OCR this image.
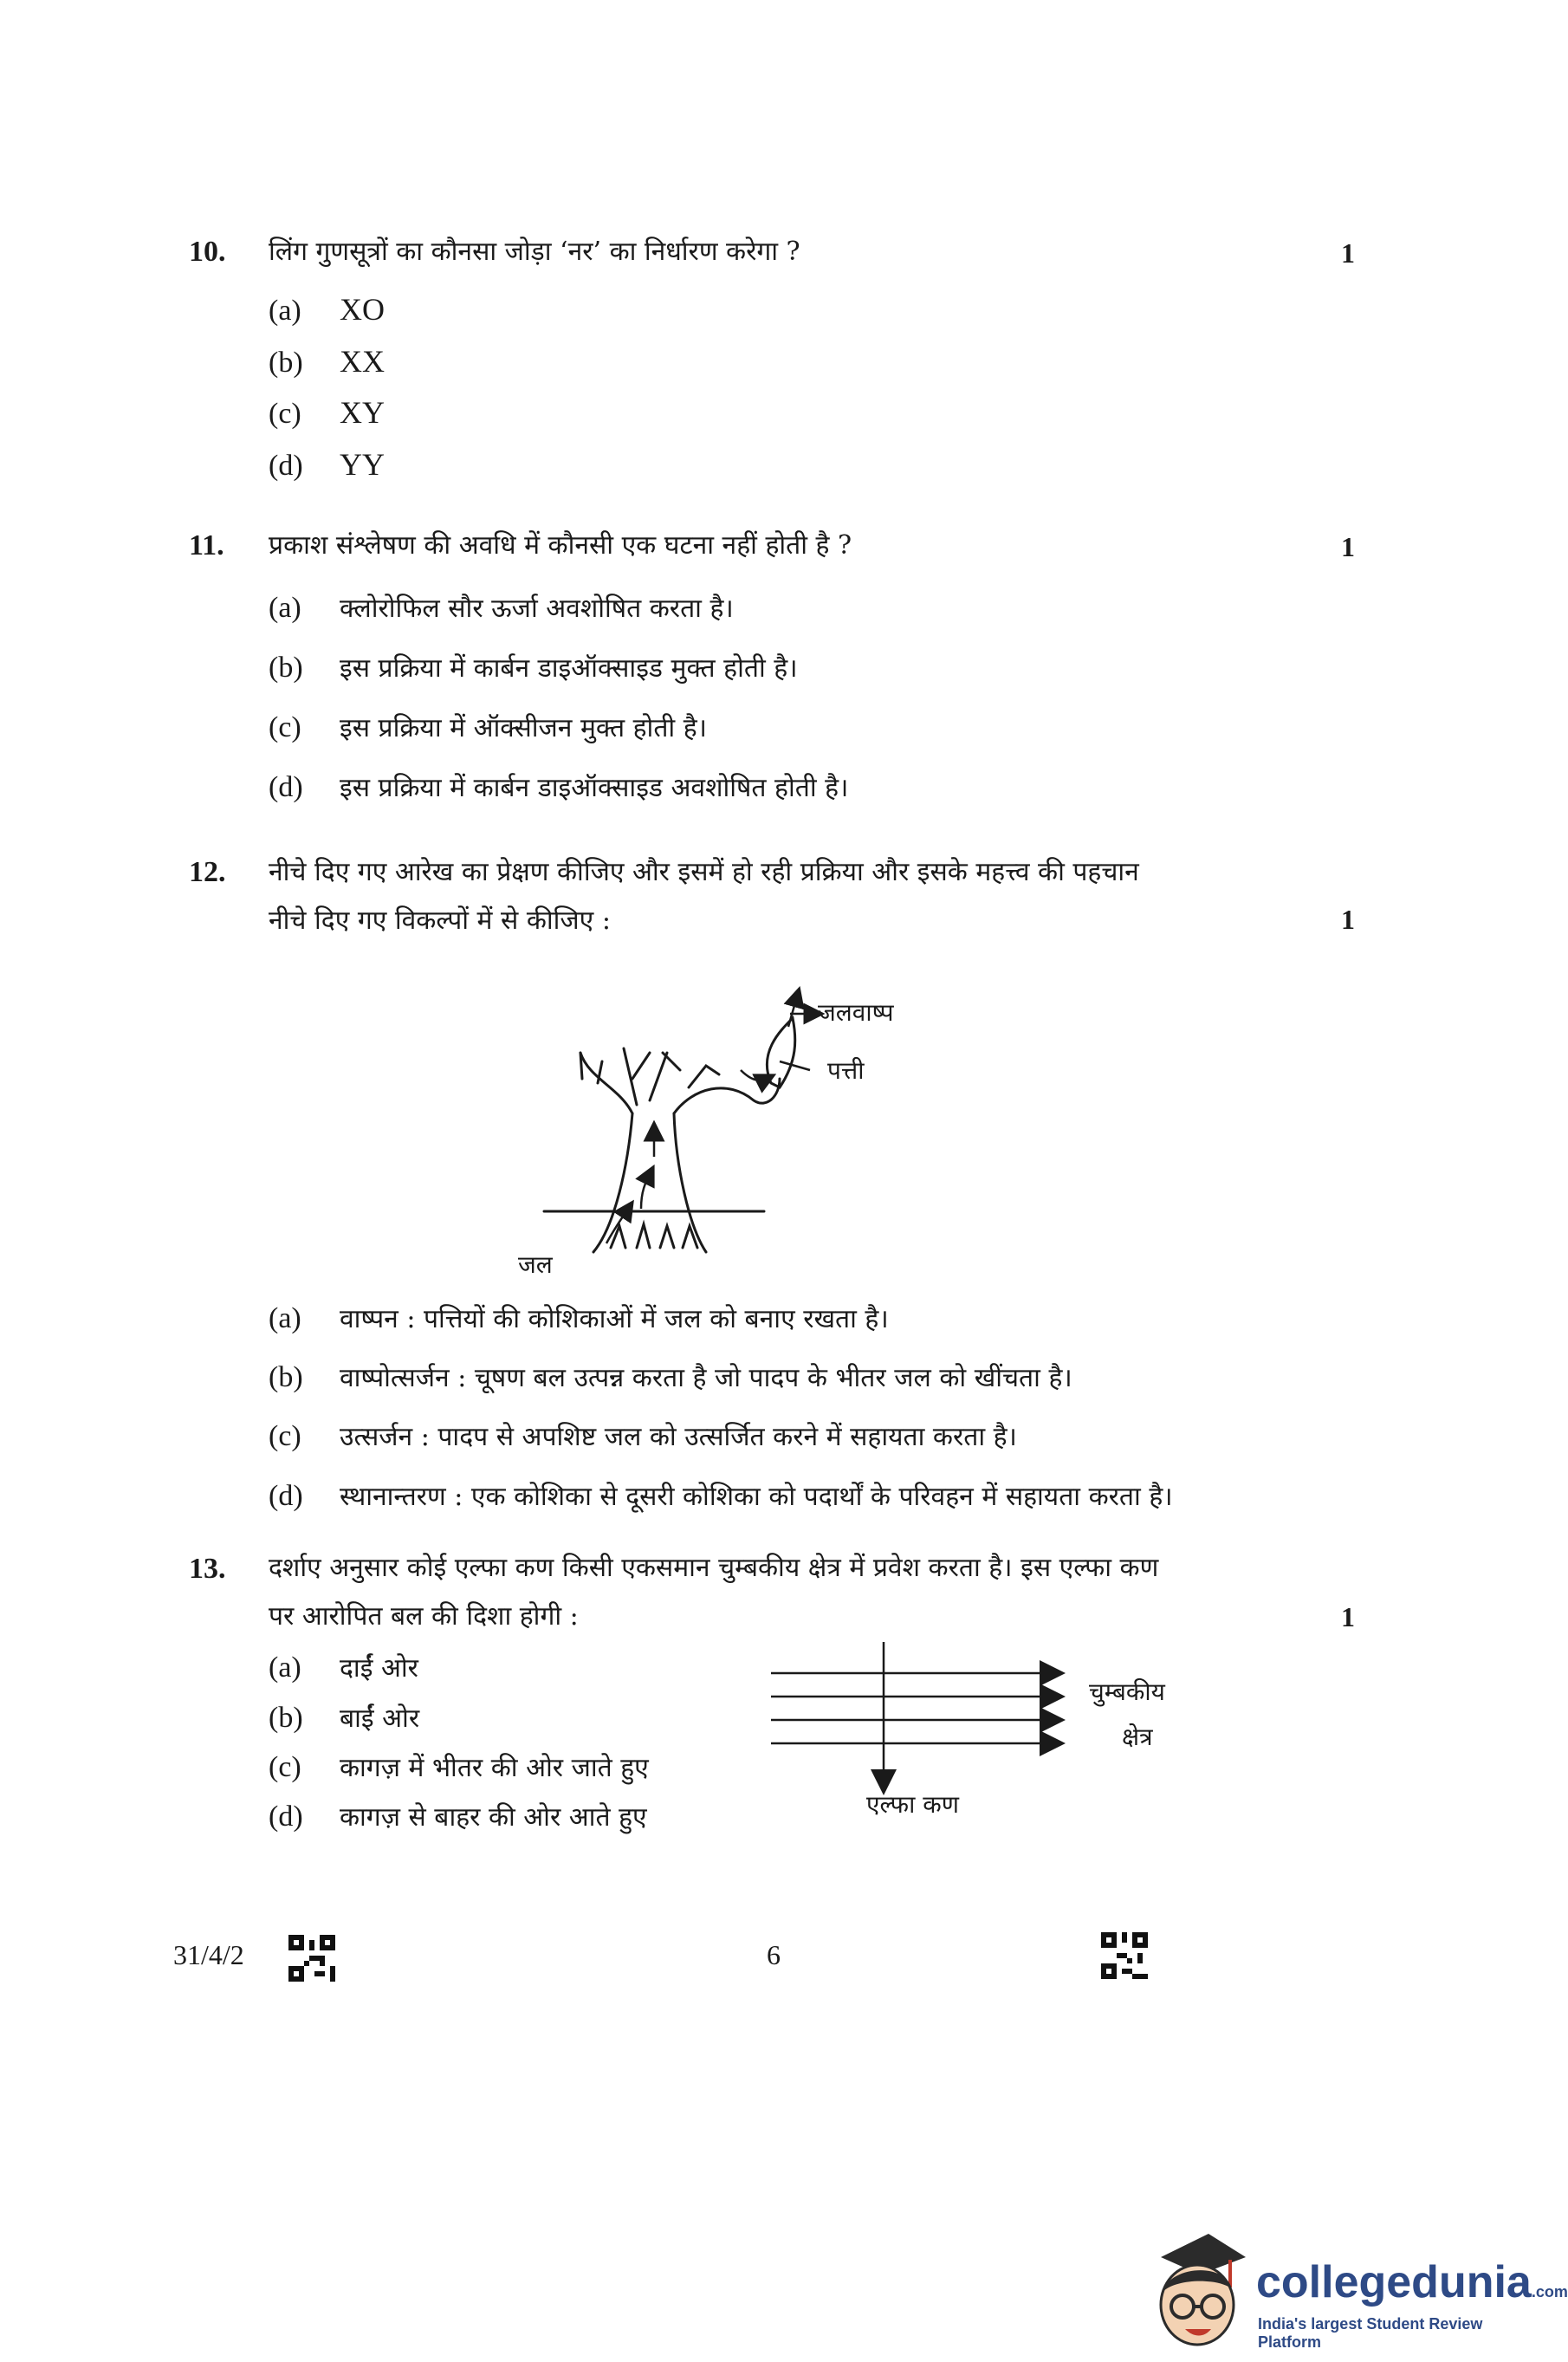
10. लिंग गुणसूत्रों का कौनसा जोड़ा ‘नर’ का निर्धारण करेगा ?	1
(a) XO
(b) XX
(c) XY
(d) YY
11. प्रकाश संश्लेषण की अवधि में कौनसी एक घटना नहीं होती है ?	1
(a) क्लोरोफिल सौर ऊर्जा अवशोषित करता है।
(b) इस प्रक्रिया में कार्बन डाइऑक्साइड मुक्त होती है।
(c) इस प्रक्रिया में ऑक्सीजन मुक्त होती है।
(d) इस प्रक्रिया में कार्बन डाइऑक्साइड अवशोषित होती है।
12. नीचे दिए गए आरेख का प्रेक्षण कीजिए और इसमें हो रही प्रक्रिया और इसके महत्त्व की पहचान
नीचे दिए गए विकल्पों में से कीजिए :	1
जलवाष्प
पत्ती
जल
(a) वाष्पन : पत्तियों की कोशिकाओं में जल को बनाए रखता है।
(b) वाष्पोत्सर्जन : चूषण बल उत्पन्न करता है जो पादप के भीतर जल को खींचता है।
(c) उत्सर्जन : पादप से अपशिष्ट जल को उत्सर्जित करने में सहायता करता है।
(d) स्थानान्तरण : एक कोशिका से दूसरी कोशिका को पदार्थों के परिवहन में सहायता करता है।
13. दर्शाए अनुसार कोई एल्फा कण किसी एकसमान चुम्बकीय क्षेत्र में प्रवेश करता है। इस एल्फा कण
पर आरोपित बल की दिशा होगी :	1
(a) दाईं ओर
(b) बाईं ओर
(c) कागज़ में भीतर की ओर जाते हुए
(d) कागज़ से बाहर की ओर आते हुए
चुम्बकीय
क्षेत्र
एल्फा कण
31/4/2	6
collegedunia.com
India's largest Student Review Platform
